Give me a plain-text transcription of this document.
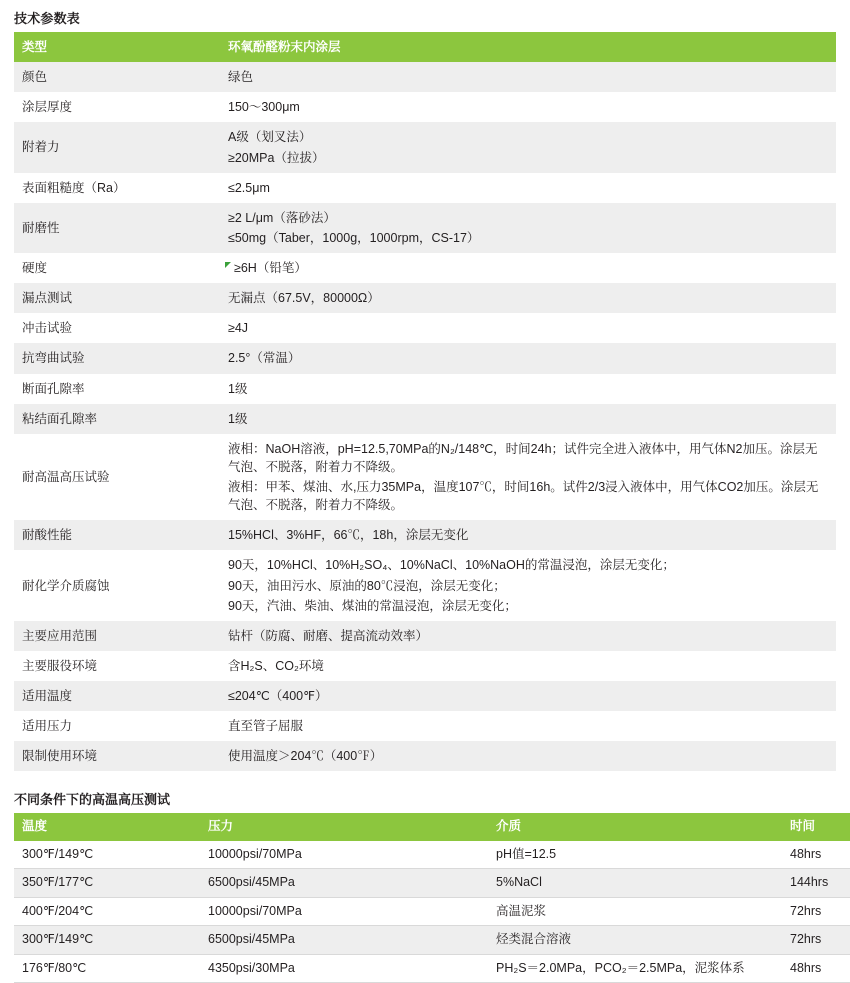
技术参数表
类型	环氧酚醛粉末内涂层
颜色	绿色

涂层厚度	150～300μm

附着力	A级（划叉法）
≥20MPa（拉拔）

表面粗糙度（Ra）	≤2.5μm

耐磨性	≥2 L/μm（落砂法）
≤50mg（Taber，1000g，1000rpm，CS-17）

硬度	≥6H（铅笔）

漏点测试	无漏点（67.5V，80000Ω）

冲击试验	≥4J

抗弯曲试验	2.5°（常温）

断面孔隙率	1级

粘结面孔隙率	1级

耐高温高压试验	液相：NaOH溶液，pH=12.5,70MPa的N₂/148℃，时间24h；试件完全进入液体中，用气体N2加压。涂层无气泡、不脱落，附着力不降级。
液相：甲苯、煤油、水,压力35MPa，温度107℃，时间16h。试件2/3浸入液体中，用气体CO2加压。涂层无气泡、不脱落，附着力不降级。

耐酸性能	15%HCl、3%HF，66℃，18h，涂层无变化

耐化学介质腐蚀	90天，10%HCl、10%H₂SO₄、10%NaCl、10%NaOH的常温浸泡，涂层无变化；
90天，油田污水、原油的80℃浸泡，涂层无变化；
90天，汽油、柴油、煤油的常温浸泡，涂层无变化；

主要应用范围	钻杆（防腐、耐磨、提高流动效率）

主要服役环境	含H₂S、CO₂环境

适用温度	≤204℃（400℉）

适用压力	直至管子屈服

限制使用环境	使用温度＞204℃（400℉）
不同条件下的高温高压测试
温度	压力	介质	时间
300℉/149℃	10000psi/70MPa	pH值=12.5	48hrs
350℉/177℃	6500psi/45MPa	5%NaCl	144hrs
400℉/204℃	10000psi/70MPa	高温泥浆	72hrs
300℉/149℃	6500psi/45MPa	烃类混合溶液	72hrs
176℉/80℃	4350psi/30MPa	PH₂S＝2.0MPa，PCO₂＝2.5MPa，泥浆体系	48hrs
